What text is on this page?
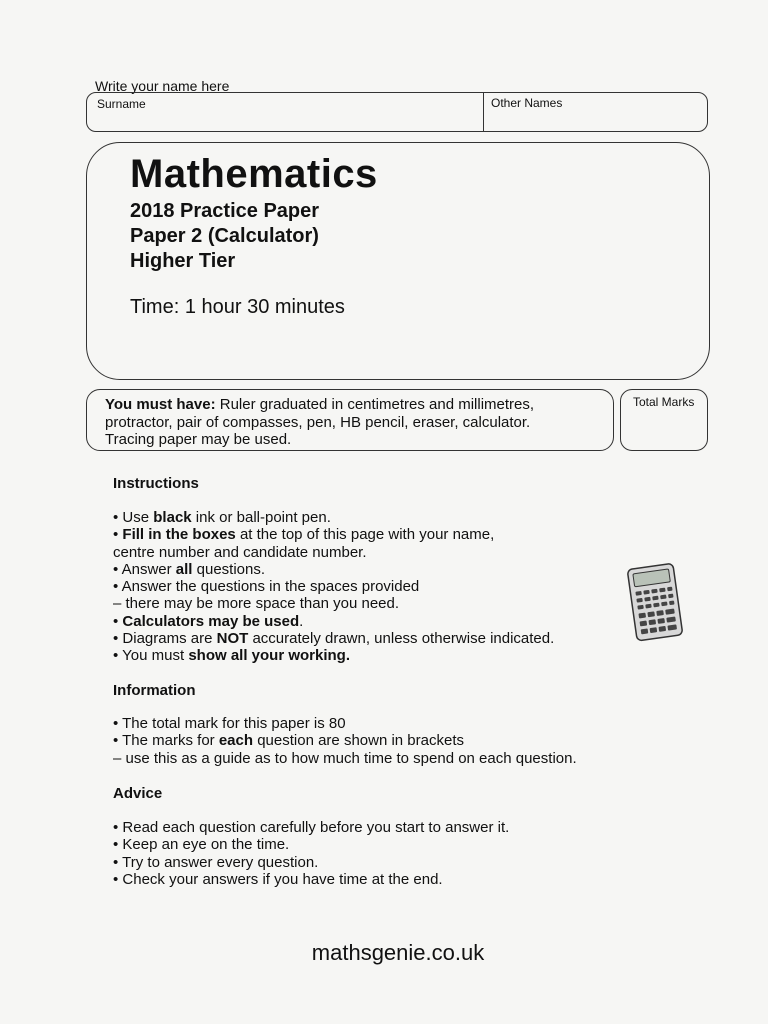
Write your name here
Surname	Other Names
Mathematics
2018 Practice Paper
Paper 2 (Calculator)
Higher Tier
Time: 1 hour 30 minutes
You must have: Ruler graduated in centimetres and millimetres,
protractor, pair of compasses, pen, HB pencil, eraser, calculator.
Tracing paper may be used.
Total Marks
Instructions
• Use black ink or ball-point pen.
• Fill in the boxes at the top of this page with your name,
centre number and candidate number.
• Answer all questions.
• Answer the questions in the spaces provided
– there may be more space than you need.
• Calculators may be used.
• Diagrams are NOT accurately drawn, unless otherwise indicated.
• You must show all your working.
Information
• The total mark for this paper is 80
• The marks for each question are shown in brackets
– use this as a guide as to how much time to spend on each question.
Advice
• Read each question carefully before you start to answer it.
• Keep an eye on the time.
• Try to answer every question.
• Check your answers if you have time at the end.
mathsgenie.co.uk
